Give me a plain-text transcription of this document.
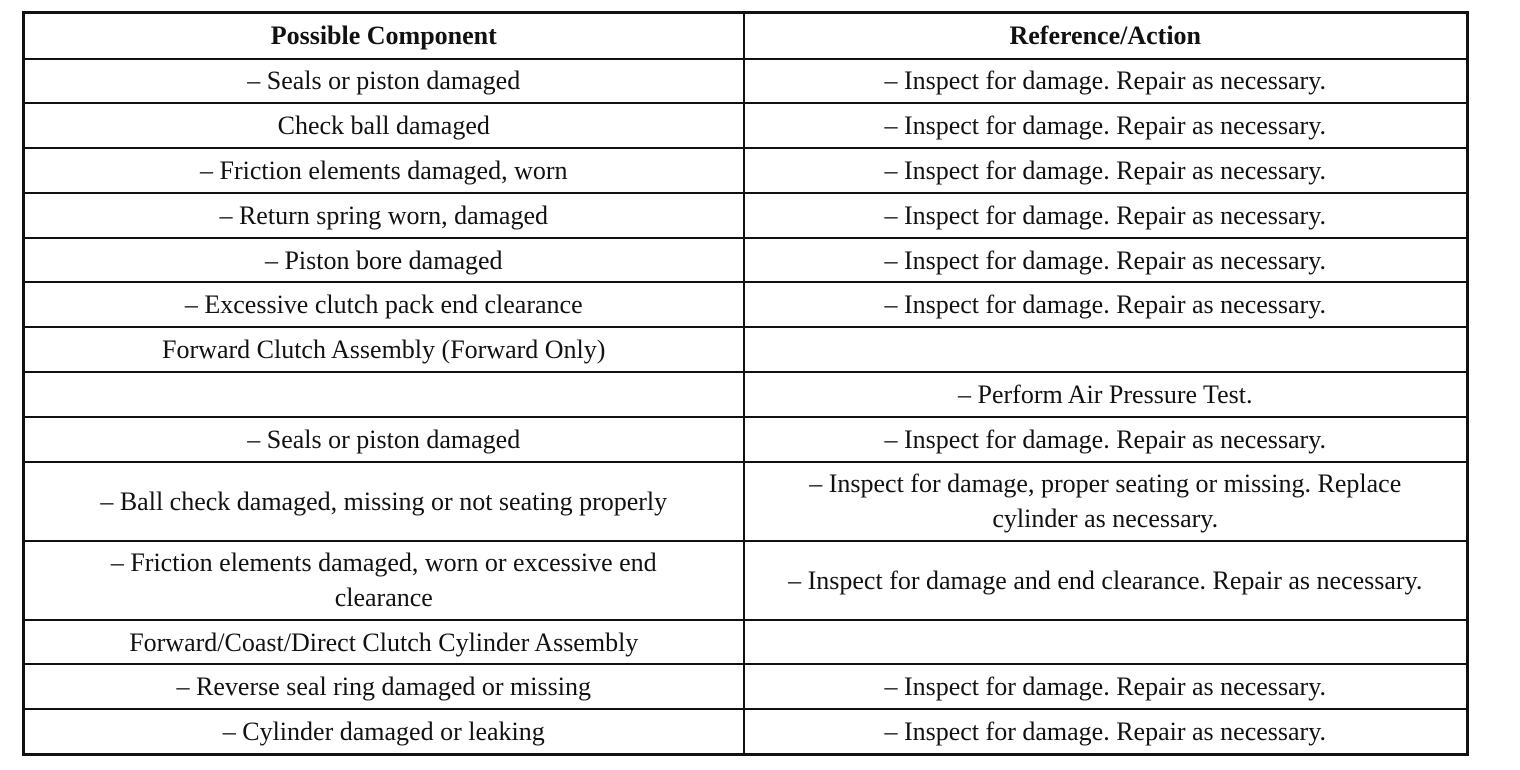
Possible Component	Reference/Action
– Seals or piston damaged	– Inspect for damage. Repair as necessary.
Check ball damaged	– Inspect for damage. Repair as necessary.
– Friction elements damaged, worn	– Inspect for damage. Repair as necessary.
– Return spring worn, damaged	– Inspect for damage. Repair as necessary.
– Piston bore damaged	– Inspect for damage. Repair as necessary.
– Excessive clutch pack end clearance	– Inspect for damage. Repair as necessary.
Forward Clutch Assembly (Forward Only)	
	– Perform Air Pressure Test.
– Seals or piston damaged	– Inspect for damage. Repair as necessary.
– Ball check damaged, missing or not seating properly	– Inspect for damage, proper seating or missing. Replace cylinder as necessary.
– Friction elements damaged, worn or excessive end clearance	– Inspect for damage and end clearance. Repair as necessary.
Forward/Coast/Direct Clutch Cylinder Assembly	
– Reverse seal ring damaged or missing	– Inspect for damage. Repair as necessary.
– Cylinder damaged or leaking	– Inspect for damage. Repair as necessary.
